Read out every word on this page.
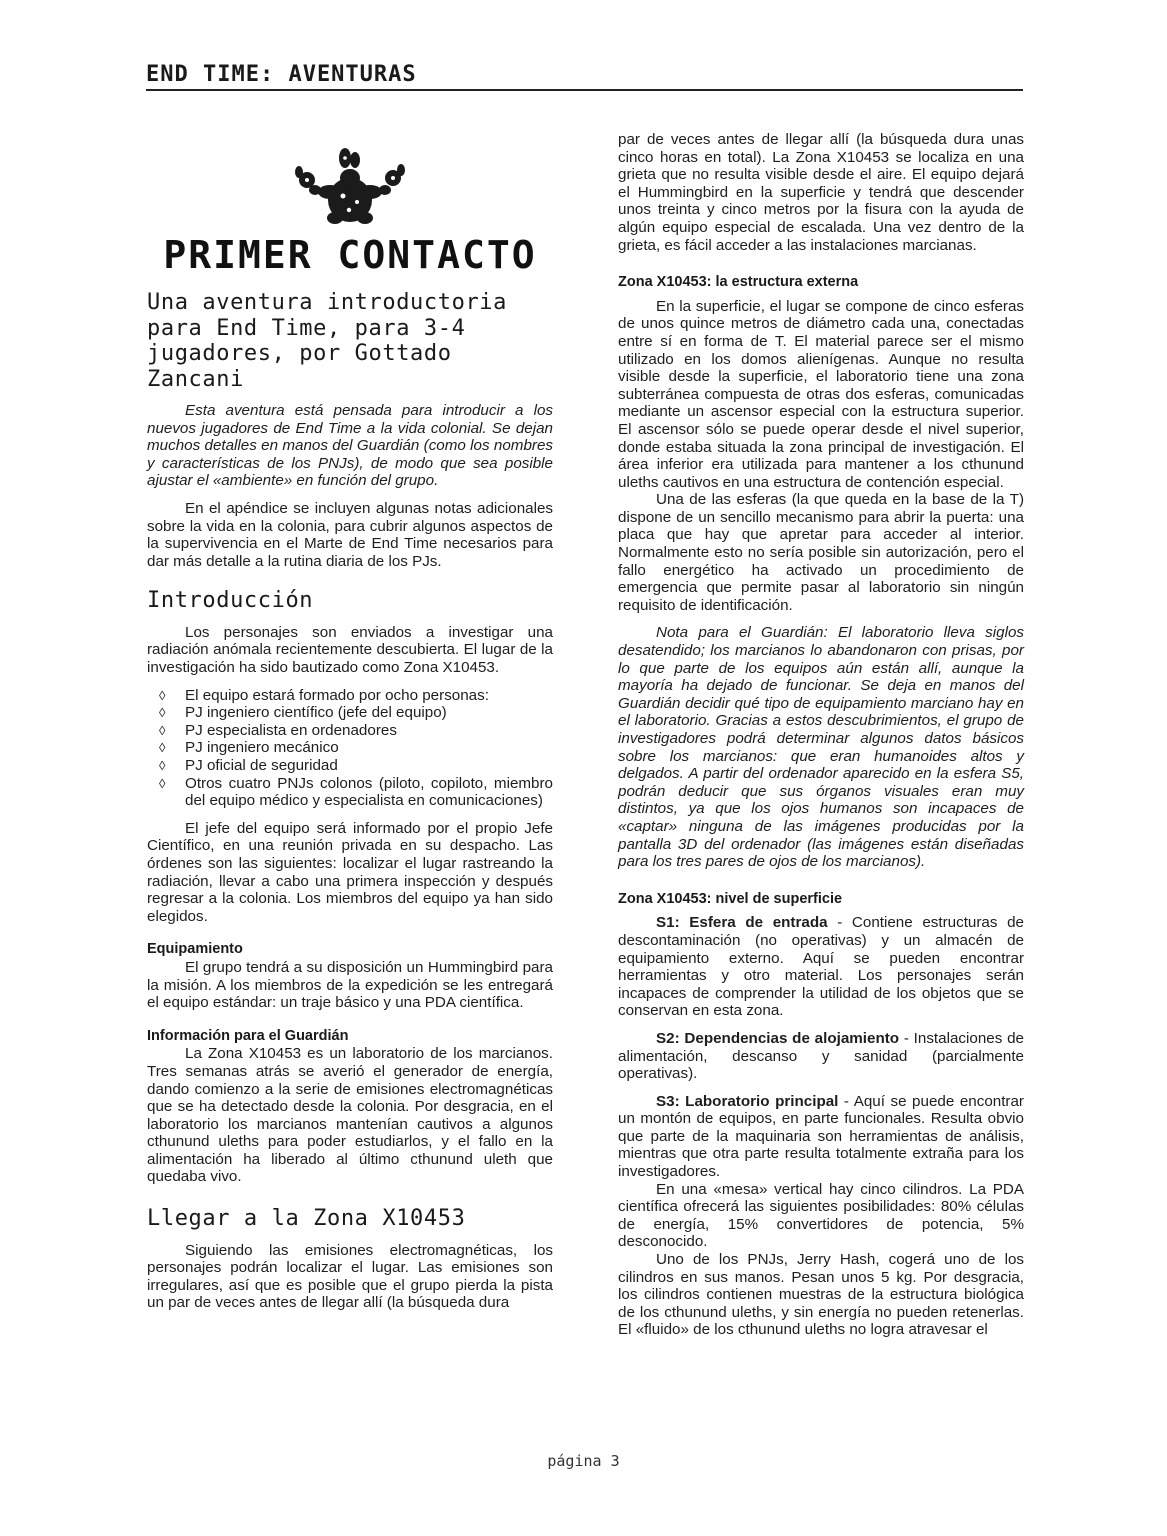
END TIME: AVENTURAS
PRIMER CONTACTO
Una aventura introductoria para End Time, para 3-4 jugadores, por Gottado Zancani

Esta aventura está pensada para introducir a los nuevos jugadores de End Time a la vida colonial. Se dejan muchos detalles en manos del Guardián (como los nombres y características de los PNJs), de modo que sea posible ajustar el «ambiente» en función del grupo.

En el apéndice se incluyen algunas notas adicionales sobre la vida en la colonia, para cubrir algunos aspectos de la supervivencia en el Marte de End Time necesarios para dar más detalle a la rutina diaria de los PJs.

Introducción

Los personajes son enviados a investigar una radiación anómala recientemente descubierta. El lugar de la investigación ha sido bautizado como Zona X10453.

◊ El equipo estará formado por ocho personas:
◊ PJ ingeniero científico (jefe del equipo)
◊ PJ especialista en ordenadores
◊ PJ ingeniero mecánico
◊ PJ oficial de seguridad
◊ Otros cuatro PNJs colonos (piloto, copiloto, miembro del equipo médico y especialista en comunicaciones)

El jefe del equipo será informado por el propio Jefe Científico, en una reunión privada en su despacho. Las órdenes son las siguientes: localizar el lugar rastreando la radiación, llevar a cabo una primera inspección y después regresar a la colonia. Los miembros del equipo ya han sido elegidos.

Equipamiento

El grupo tendrá a su disposición un Hummingbird para la misión. A los miembros de la expedición se les entregará el equipo estándar: un traje básico y una PDA científica.

Información para el Guardián

La Zona X10453 es un laboratorio de los marcianos. Tres semanas atrás se averió el generador de energía, dando comienzo a la serie de emisiones electromagnéticas que se ha detectado desde la colonia. Por desgracia, en el laboratorio los marcianos mantenían cautivos a algunos cthunund uleths para poder estudiarlos, y el fallo en la alimentación ha liberado al último cthunund uleth que quedaba vivo.

Llegar a la Zona X10453

Siguiendo las emisiones electromagnéticas, los personajes podrán localizar el lugar. Las emisiones son irregulares, así que es posible que el grupo pierda la pista un par de veces antes de llegar allí (la búsqueda dura

par de veces antes de llegar allí (la búsqueda dura unas cinco horas en total). La Zona X10453 se localiza en una grieta que no resulta visible desde el aire. El equipo dejará el Hummingbird en la superficie y tendrá que descender unos treinta y cinco metros por la fisura con la ayuda de algún equipo especial de escalada. Una vez dentro de la grieta, es fácil acceder a las instalaciones marcianas.

Zona X10453: la estructura externa

En la superficie, el lugar se compone de cinco esferas de unos quince metros de diámetro cada una, conectadas entre sí en forma de T. El material parece ser el mismo utilizado en los domos alienígenas. Aunque no resulta visible desde la superficie, el laboratorio tiene una zona subterránea compuesta de otras dos esferas, comunicadas mediante un ascensor especial con la estructura superior. El ascensor sólo se puede operar desde el nivel superior, donde estaba situada la zona principal de investigación. El área inferior era utilizada para mantener a los cthunund uleths cautivos en una estructura de contención especial.

Una de las esferas (la que queda en la base de la T) dispone de un sencillo mecanismo para abrir la puerta: una placa que hay que apretar para acceder al interior. Normalmente esto no sería posible sin autorización, pero el fallo energético ha activado un procedimiento de emergencia que permite pasar al laboratorio sin ningún requisito de identificación.

Nota para el Guardián: El laboratorio lleva siglos desatendido; los marcianos lo abandonaron con prisas, por lo que parte de los equipos aún están allí, aunque la mayoría ha dejado de funcionar. Se deja en manos del Guardián decidir qué tipo de equipamiento marciano hay en el laboratorio. Gracias a estos descubrimientos, el grupo de investigadores podrá determinar algunos datos básicos sobre los marcianos: que eran humanoides altos y delgados. A partir del ordenador aparecido en la esfera S5, podrán deducir que sus órganos visuales eran muy distintos, ya que los ojos humanos son incapaces de «captar» ninguna de las imágenes producidas por la pantalla 3D del ordenador (las imágenes están diseñadas para los tres pares de ojos de los marcianos).

Zona X10453: nivel de superficie

S1: Esfera de entrada - Contiene estructuras de descontaminación (no operativas) y un almacén de equipamiento externo. Aquí se pueden encontrar herramientas y otro material. Los personajes serán incapaces de comprender la utilidad de los objetos que se conservan en esta zona.

S2: Dependencias de alojamiento - Instalaciones de alimentación, descanso y sanidad (parcialmente operativas).

S3: Laboratorio principal - Aquí se puede encontrar un montón de equipos, en parte funcionales. Resulta obvio que parte de la maquinaria son herramientas de análisis, mientras que otra parte resulta totalmente extraña para los investigadores.

En una «mesa» vertical hay cinco cilindros. La PDA científica ofrecerá las siguientes posibilidades: 80% células de energía, 15% convertidores de potencia, 5% desconocido.

Uno de los PNJs, Jerry Hash, cogerá uno de los cilindros en sus manos. Pesan unos 5 kg. Por desgracia, los cilindros contienen muestras de la estructura biológica de los cthunund uleths, y sin energía no pueden retenerlas. El «fluido» de los cthunund uleths no logra atravesar el

página 3
